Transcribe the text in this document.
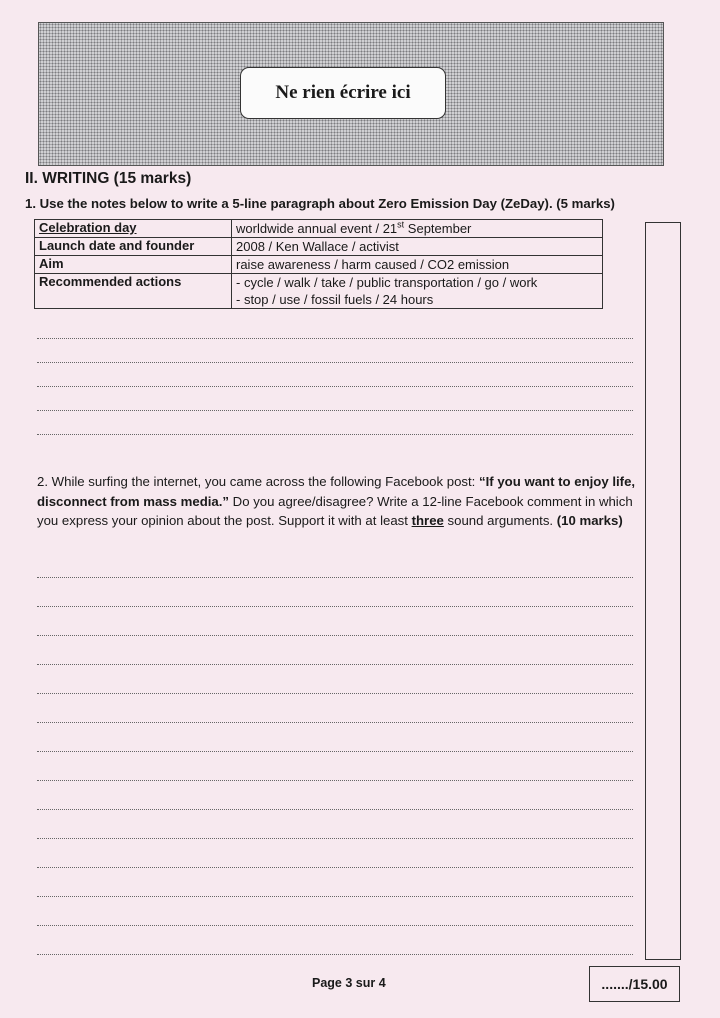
Ne rien écrire ici
II. WRITING (15 marks)
1. Use the notes below to write a 5-line paragraph about Zero Emission Day (ZeDay). (5 marks)
Celebration day	worldwide annual event / 21st September
Launch date and founder	2008 / Ken Wallace / activist
Aim	raise awareness / harm caused / CO2 emission
Recommended actions	- cycle / walk / take / public transportation / go / work
- stop / use / fossil fuels / 24 hours
2. While surfing the internet, you came across the following Facebook post: “If you want to enjoy life, disconnect from mass media.” Do you agree/disagree? Write a 12-line Facebook comment in which you express your opinion about the post. Support it with at least three sound arguments. (10 marks)
Page 3 sur 4	......./15.00
